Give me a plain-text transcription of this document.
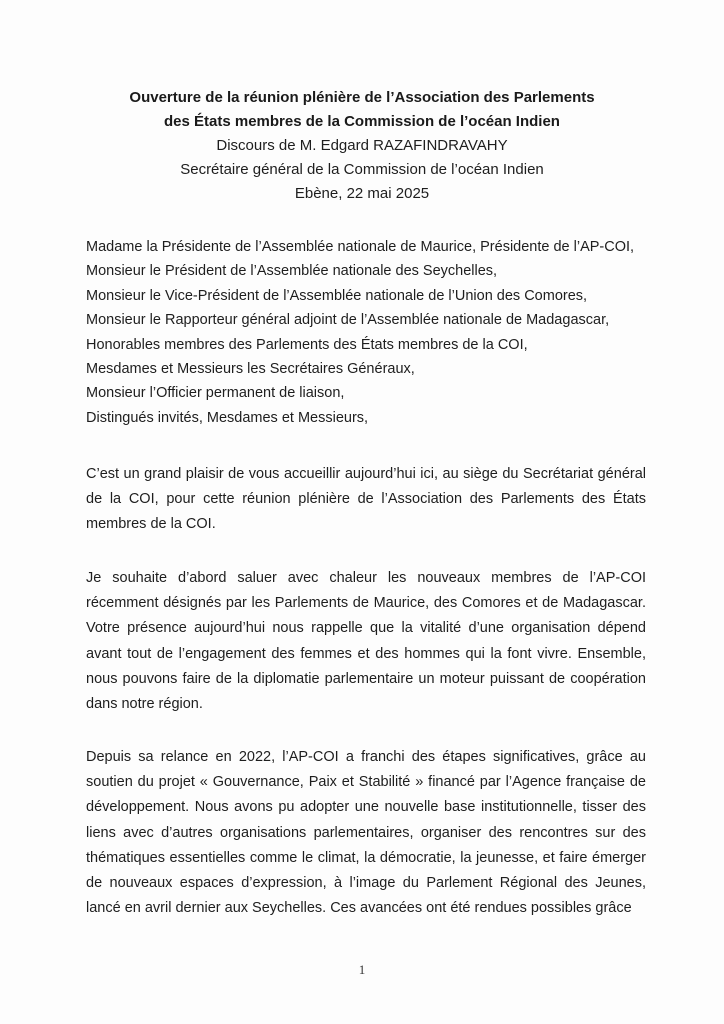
Ouverture de la réunion plénière de l’Association des Parlements
des États membres de la Commission de l’océan Indien
Discours de M. Edgard RAZAFINDRAVAHY
Secrétaire général de la Commission de l’océan Indien
Ebène, 22 mai 2025
Madame la Présidente de l’Assemblée nationale de Maurice, Présidente de l’AP-COI,
Monsieur le Président de l’Assemblée nationale des Seychelles,
Monsieur le Vice-Président de l’Assemblée nationale de l’Union des Comores,
Monsieur le Rapporteur général adjoint de l’Assemblée nationale de Madagascar,
Honorables membres des Parlements des États membres de la COI,
Mesdames et Messieurs les Secrétaires Généraux,
Monsieur l’Officier permanent de liaison,
Distingués invités, Mesdames et Messieurs,
C’est un grand plaisir de vous accueillir aujourd’hui ici, au siège du Secrétariat général de la COI, pour cette réunion plénière de l’Association des Parlements des États membres de la COI.
Je souhaite d’abord saluer avec chaleur les nouveaux membres de l’AP-COI récemment désignés par les Parlements de Maurice, des Comores et de Madagascar. Votre présence aujourd’hui nous rappelle que la vitalité d’une organisation dépend avant tout de l’engagement des femmes et des hommes qui la font vivre. Ensemble, nous pouvons faire de la diplomatie parlementaire un moteur puissant de coopération dans notre région.
Depuis sa relance en 2022, l’AP-COI a franchi des étapes significatives, grâce au soutien du projet « Gouvernance, Paix et Stabilité » financé par l’Agence française de développement. Nous avons pu adopter une nouvelle base institutionnelle, tisser des liens avec d’autres organisations parlementaires, organiser des rencontres sur des thématiques essentielles comme le climat, la démocratie, la jeunesse, et faire émerger de nouveaux espaces d’expression, à l’image du Parlement Régional des Jeunes, lancé en avril dernier aux Seychelles. Ces avancées ont été rendues possibles grâce
1
